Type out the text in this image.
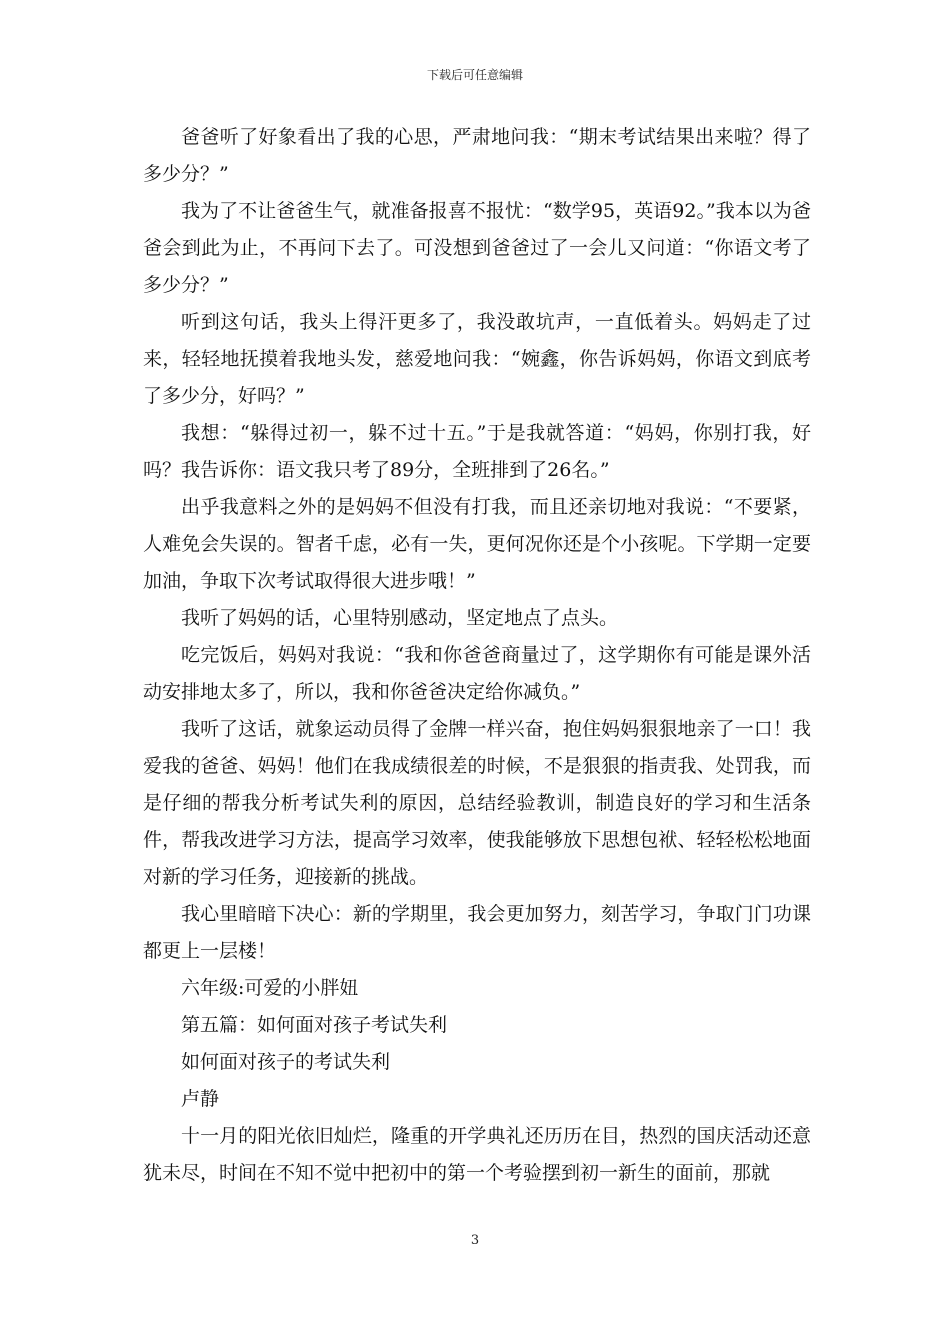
下载后可任意编辑

爸爸听了好象看出了我的心思，严肃地问我：“期末考试结果出来啦？得了多少分？”

我为了不让爸爸生气，就准备报喜不报忧：“数学95，英语92。”我本以为爸爸会到此为止，不再问下去了。可没想到爸爸过了一会儿又问道：“你语文考了多少分？”

听到这句话，我头上得汗更多了，我没敢坑声，一直低着头。妈妈走了过来，轻轻地抚摸着我地头发，慈爱地问我：“婉鑫，你告诉妈妈，你语文到底考了多少分，好吗？”

我想：“躲得过初一，躲不过十五。”于是我就答道：“妈妈，你别打我，好吗？我告诉你：语文我只考了89分，全班排到了26名。”

出乎我意料之外的是妈妈不但没有打我，而且还亲切地对我说：“不要紧，人难免会失误的。智者千虑，必有一失，更何况你还是个小孩呢。下学期一定要加油，争取下次考试取得很大进步哦！”

我听了妈妈的话，心里特别感动，坚定地点了点头。

吃完饭后，妈妈对我说：“我和你爸爸商量过了，这学期你有可能是课外活动安排地太多了，所以，我和你爸爸决定给你减负。”

我听了这话，就象运动员得了金牌一样兴奋，抱住妈妈狠狠地亲了一口！我爱我的爸爸、妈妈！他们在我成绩很差的时候，不是狠狠的指责我、处罚我，而是仔细的帮我分析考试失利的原因，总结经验教训，制造良好的学习和生活条件，帮我改进学习方法，提高学习效率，使我能够放下思想包袱、轻轻松松地面对新的学习任务，迎接新的挑战。

我心里暗暗下决心：新的学期里，我会更加努力，刻苦学习，争取门门功课都更上一层楼！

六年级:可爱的小胖妞

第五篇：如何面对孩子考试失利

如何面对孩子的考试失利

卢静

十一月的阳光依旧灿烂，隆重的开学典礼还历历在目，热烈的国庆活动还意犹未尽，时间在不知不觉中把初中的第一个考验摆到初一新生的面前，那就

3
